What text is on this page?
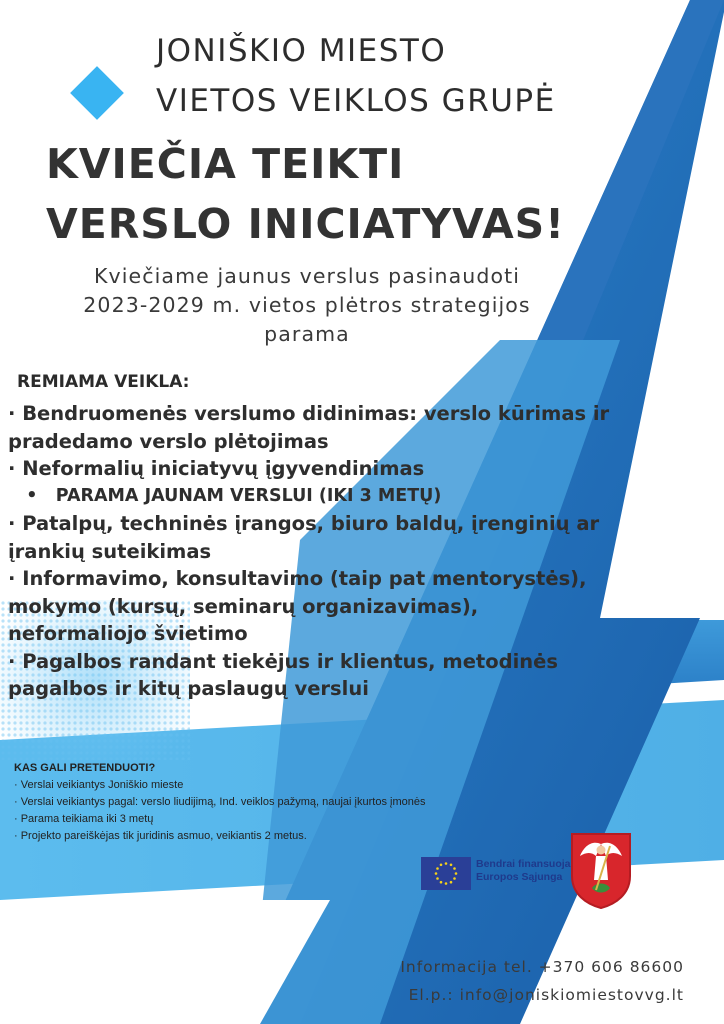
JONIŠKIO MIESTO
VIETOS VEIKLOS GRUPĖ
KVIEČIA TEIKTI
VERSLO INICIATYVAS!
Kviečiame jaunus verslus pasinaudoti
2023-2029 m. vietos plėtros strategijos
parama
REMIAMA VEIKLA:
· Bendruomenės verslumo didinimas: verslo kūrimas ir
pradedamo verslo plėtojimas
· Neformalių iniciatyvų įgyvendinimas
•   PARAMA JAUNAM VERSLUI (IKI 3 METŲ)
· Patalpų, techninės įrangos, biuro baldų, įrenginių ar
įrankių suteikimas
· Informavimo, konsultavimo (taip pat mentorystės),
mokymo (kursų, seminarų organizavimas),
neformaliojo švietimo
· Pagalbos randant tiekėjus ir klientus, metodinės
pagalbos ir kitų paslaugų verslui
KAS GALI PRETENDUOTI?
· Verslai veikiantys Joniškio mieste
· Verslai veikiantys pagal: verslo liudijimą, Ind. veiklos pažymą, naujai įkurtos įmonės
· Parama teikiama iki 3 metų
· Projekto pareiškėjas tik juridinis asmuo, veikiantis 2 metus.
Bendrai finansuoja
Europos Sąjunga
Informacija tel. +370 606 86600
El.p.: info@joniskiomiestovvg.lt
